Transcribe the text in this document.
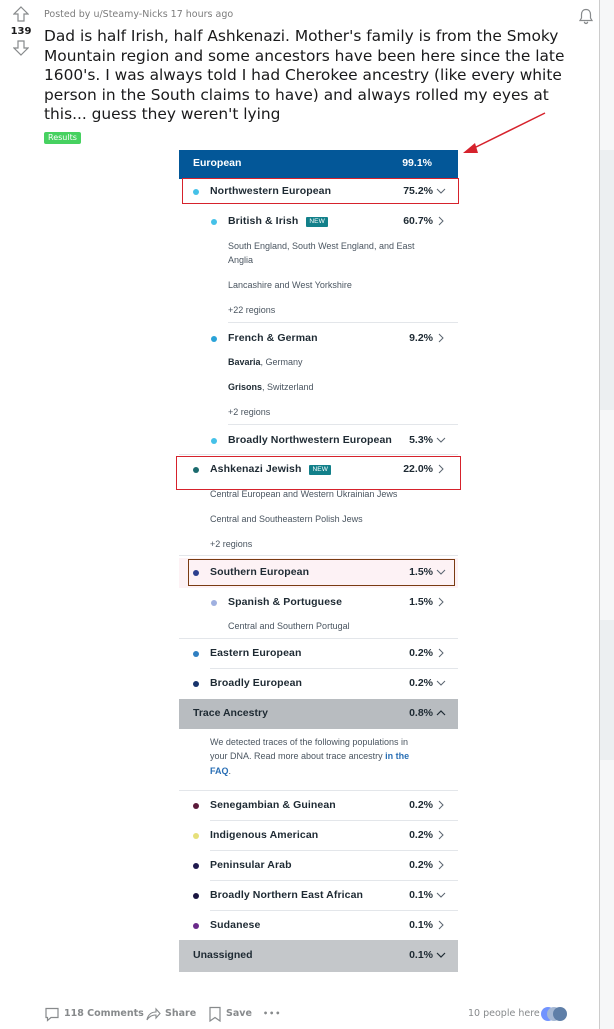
139
Posted by u/Steamy-Nicks 17 hours ago
Dad is half Irish, half Ashkenazi. Mother's family is from the Smoky Mountain region and some ancestors have been here since the late 1600's. I was always told I had Cherokee ancestry (like every white person in the South claims to have) and always rolled my eyes at this... guess they weren't lying
Results
European	99.1%
Northwestern European	75.2%
British & Irish NEW	60.7%
South England, South West England, and East
Anglia
Lancashire and West Yorkshire
+22 regions
French & German	9.2%
Bavaria, Germany
Grisons, Switzerland
+2 regions
Broadly Northwestern European 5.3%
Ashkenazi Jewish NEW	22.0%
Central European and Western Ukrainian Jews
Central and Southeastern Polish Jews
+2 regions
Southern European	1.5%
Spanish & Portuguese	1.5%
Central and Southern Portugal
Eastern European	0.2%
Broadly European	0.2%
Trace Ancestry	0.8%
We detected traces of the following populations in
your DNA. Read more about trace ancestry in the
FAQ.
Senegambian & Guinean	0.2%
Indigenous American	0.2%
Peninsular Arab	0.2%
Broadly Northern East African	0.1%
Sudanese	0.1%
Unassigned	0.1%
118 Comments	Share	Save •••	10 people here
